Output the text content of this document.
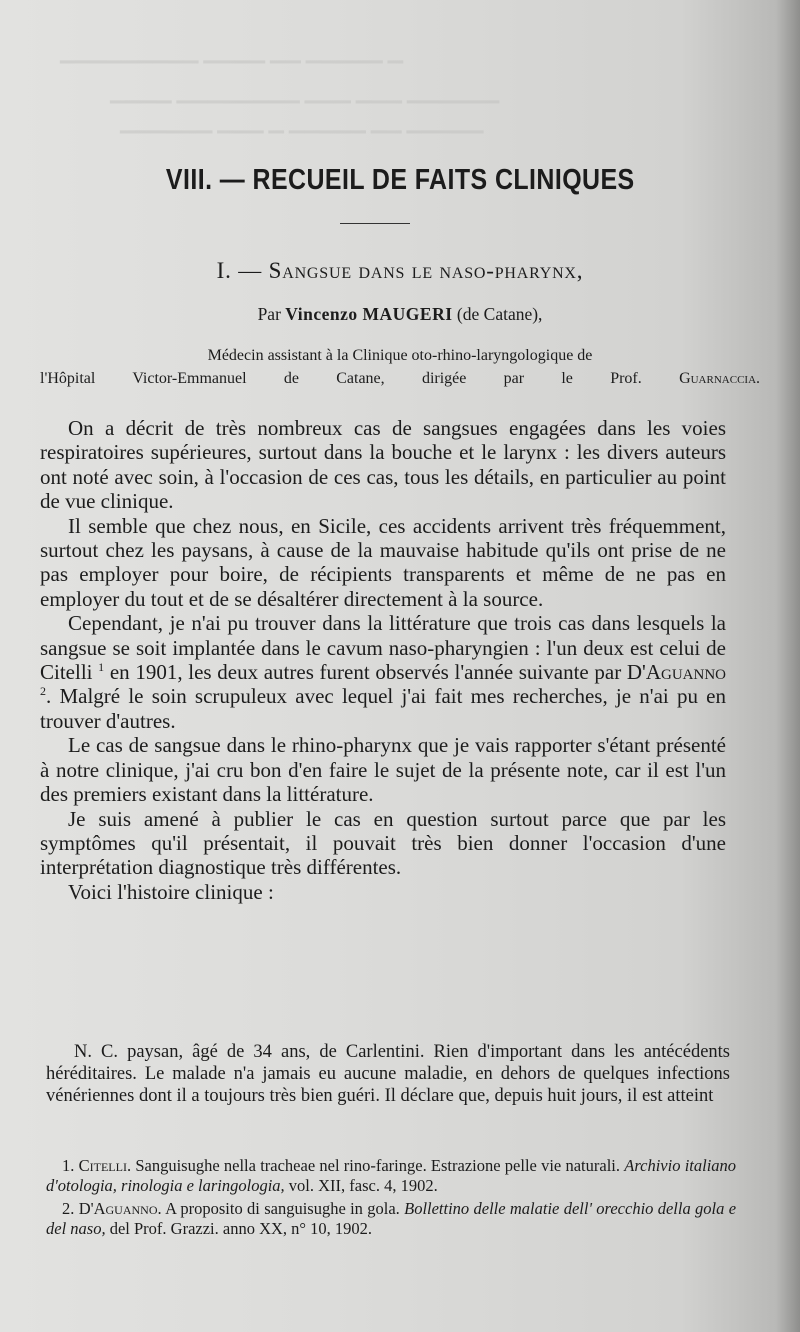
▔ ▔▔▔▔▔ ▔▔ ▔▔▔▔ ▔▔▔▔▔▔▔▔▔
▔▔▔▔▔▔ ▔▔▔ ▔▔▔ ▔▔▔▔▔▔▔▔ ▔▔▔▔
▔▔▔▔▔ ▔▔ ▔▔▔▔▔ ▔ ▔▔▔ ▔▔▔▔▔▔
VIII. — RECUEIL DE FAITS CLINIQUES
I. — Sangsue dans le naso-pharynx,
Par Vincenzo MAUGERI (de Catane),
Médecin assistant à la Clinique oto-rhino-laryngologique de
l'Hôpital Victor-Emmanuel de Catane, dirigée par le Prof. Guarnaccia.

On a décrit de très nombreux cas de sangsues engagées dans les voies respiratoires supérieures, surtout dans la bouche et le larynx : les divers auteurs ont noté avec soin, à l'occasion de ces cas, tous les détails, en particulier au point de vue clinique.

Il semble que chez nous, en Sicile, ces accidents arrivent très fréquemment, surtout chez les paysans, à cause de la mauvaise habitude qu'ils ont prise de ne pas employer pour boire, de récipients transparents et même de ne pas en employer du tout et de se désaltérer directement à la source.

Cependant, je n'ai pu trouver dans la littérature que trois cas dans lesquels la sangsue se soit implantée dans le cavum naso-pharyngien : l'un deux est celui de Citelli $^1$ en 1901, les deux autres furent observés l'année suivante par D'Aguanno $^2$. Malgré le soin scrupuleux avec lequel j'ai fait mes recherches, je n'ai pu en trouver d'autres.

Le cas de sangsue dans le rhino-pharynx que je vais rapporter s'étant présenté à notre clinique, j'ai cru bon d'en faire le sujet de la présente note, car il est l'un des premiers existant dans la littérature.

Je suis amené à publier le cas en question surtout parce que par les symptômes qu'il présentait, il pouvait très bien donner l'occasion d'une interprétation diagnostique très différentes.

Voici l'histoire clinique :

N. C. paysan, âgé de 34 ans, de Carlentini. Rien d'important dans les antécédents héréditaires. Le malade n'a jamais eu aucune maladie, en dehors de quelques infections vénériennes dont il a toujours très bien guéri. Il déclare que, depuis huit jours, il est atteint

1. Citelli. Sanguisughe nella tracheae nel rino-faringe. Estrazione pelle vie naturali. Archivio italiano d'otologia, rinologia e laringologia, vol. XII, fasc. 4, 1902.

2. D'Aguanno. A proposito di sanguisughe in gola. Bollettino delle malatie dell' orecchio della gola e del naso, del Prof. Grazzi. anno XX, n° 10, 1902.
